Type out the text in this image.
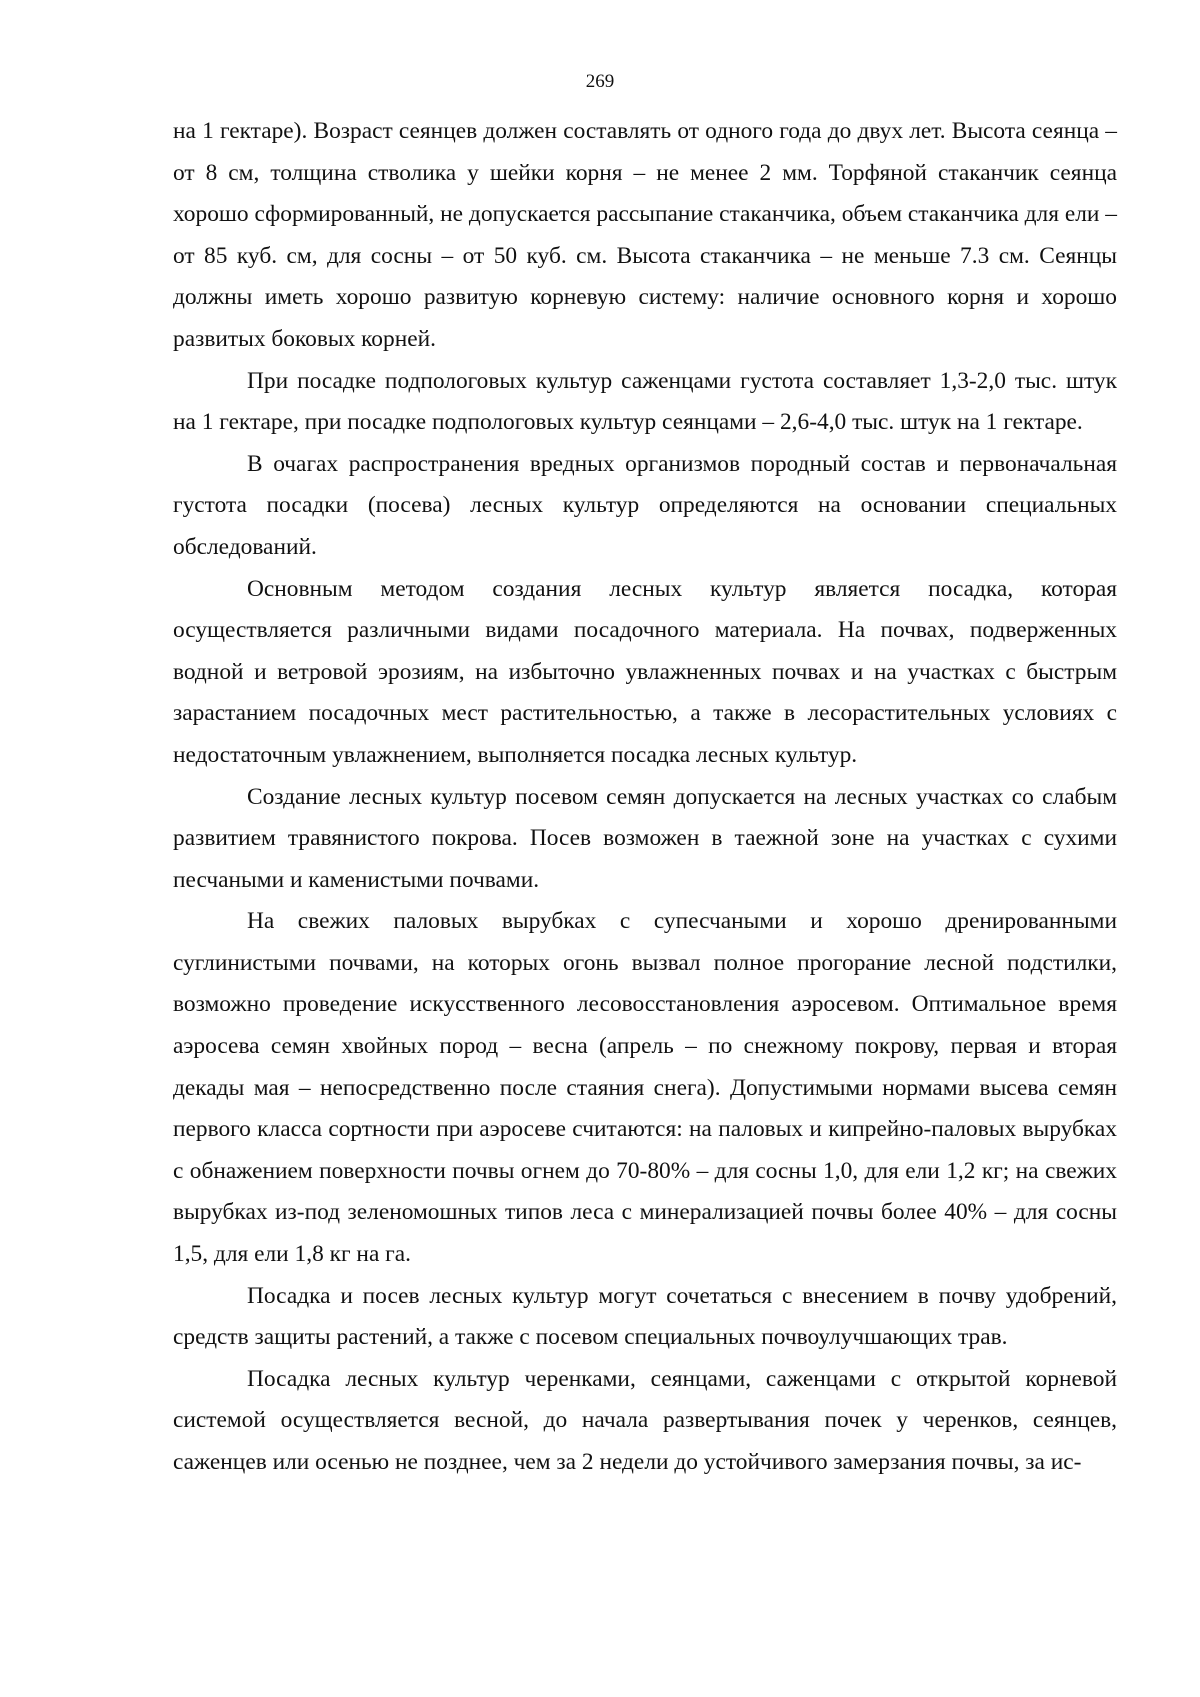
269

на 1 гектаре). Возраст сеянцев должен составлять от одного года до двух лет. Высота сеянца – от 8 см, толщина стволика у шейки корня – не менее 2 мм. Торфяной стаканчик сеянца хорошо сформированный, не допускается рассыпание стаканчика, объем стаканчика для ели – от 85 куб. см, для сосны – от 50 куб. см. Высота стаканчика – не меньше 7.3 см. Сеянцы должны иметь хорошо развитую корневую систему: наличие основного корня и хорошо развитых боковых корней.

При посадке подпологовых культур саженцами густота составляет 1,3-2,0 тыс. штук на 1 гектаре, при посадке подпологовых культур сеянцами – 2,6-4,0 тыс. штук на 1 гектаре.

В очагах распространения вредных организмов породный состав и первоначальная густота посадки (посева) лесных культур определяются на основании специальных обследований.

Основным методом создания лесных культур является посадка, которая осуществляется различными видами посадочного материала. На почвах, подверженных водной и ветровой эрозиям, на избыточно увлажненных почвах и на участках с быстрым зарастанием посадочных мест растительностью, а также в лесорастительных условиях с недостаточным увлажнением, выполняется посадка лесных культур.

Создание лесных культур посевом семян допускается на лесных участках со слабым развитием травянистого покрова. Посев возможен в таежной зоне на участках с сухими песчаными и каменистыми почвами.

На свежих паловых вырубках с супесчаными и хорошо дренированными суглинистыми почвами, на которых огонь вызвал полное прогорание лесной подстилки, возможно проведение искусственного лесовосстановления аэросевом. Оптимальное время аэросева семян хвойных пород – весна (апрель – по снежному покрову, первая и вторая декады мая – непосредственно после стаяния снега). Допустимыми нормами высева семян первого класса сортности при аэросеве считаются: на паловых и кипрейно-паловых вырубках с обнажением поверхности почвы огнем до 70-80% – для сосны 1,0, для ели 1,2 кг; на свежих вырубках из-под зеленомошных типов леса с минерализацией почвы более 40% – для сосны 1,5, для ели 1,8 кг на га.

Посадка и посев лесных культур могут сочетаться с внесением в почву удобрений, средств защиты растений, а также с посевом специальных почвоулучшающих трав.

Посадка лесных культур черенками, сеянцами, саженцами с открытой корневой системой осуществляется весной, до начала развертывания почек у черенков, сеянцев, саженцев или осенью не позднее, чем за 2 недели до устойчивого замерзания почвы, за ис-
